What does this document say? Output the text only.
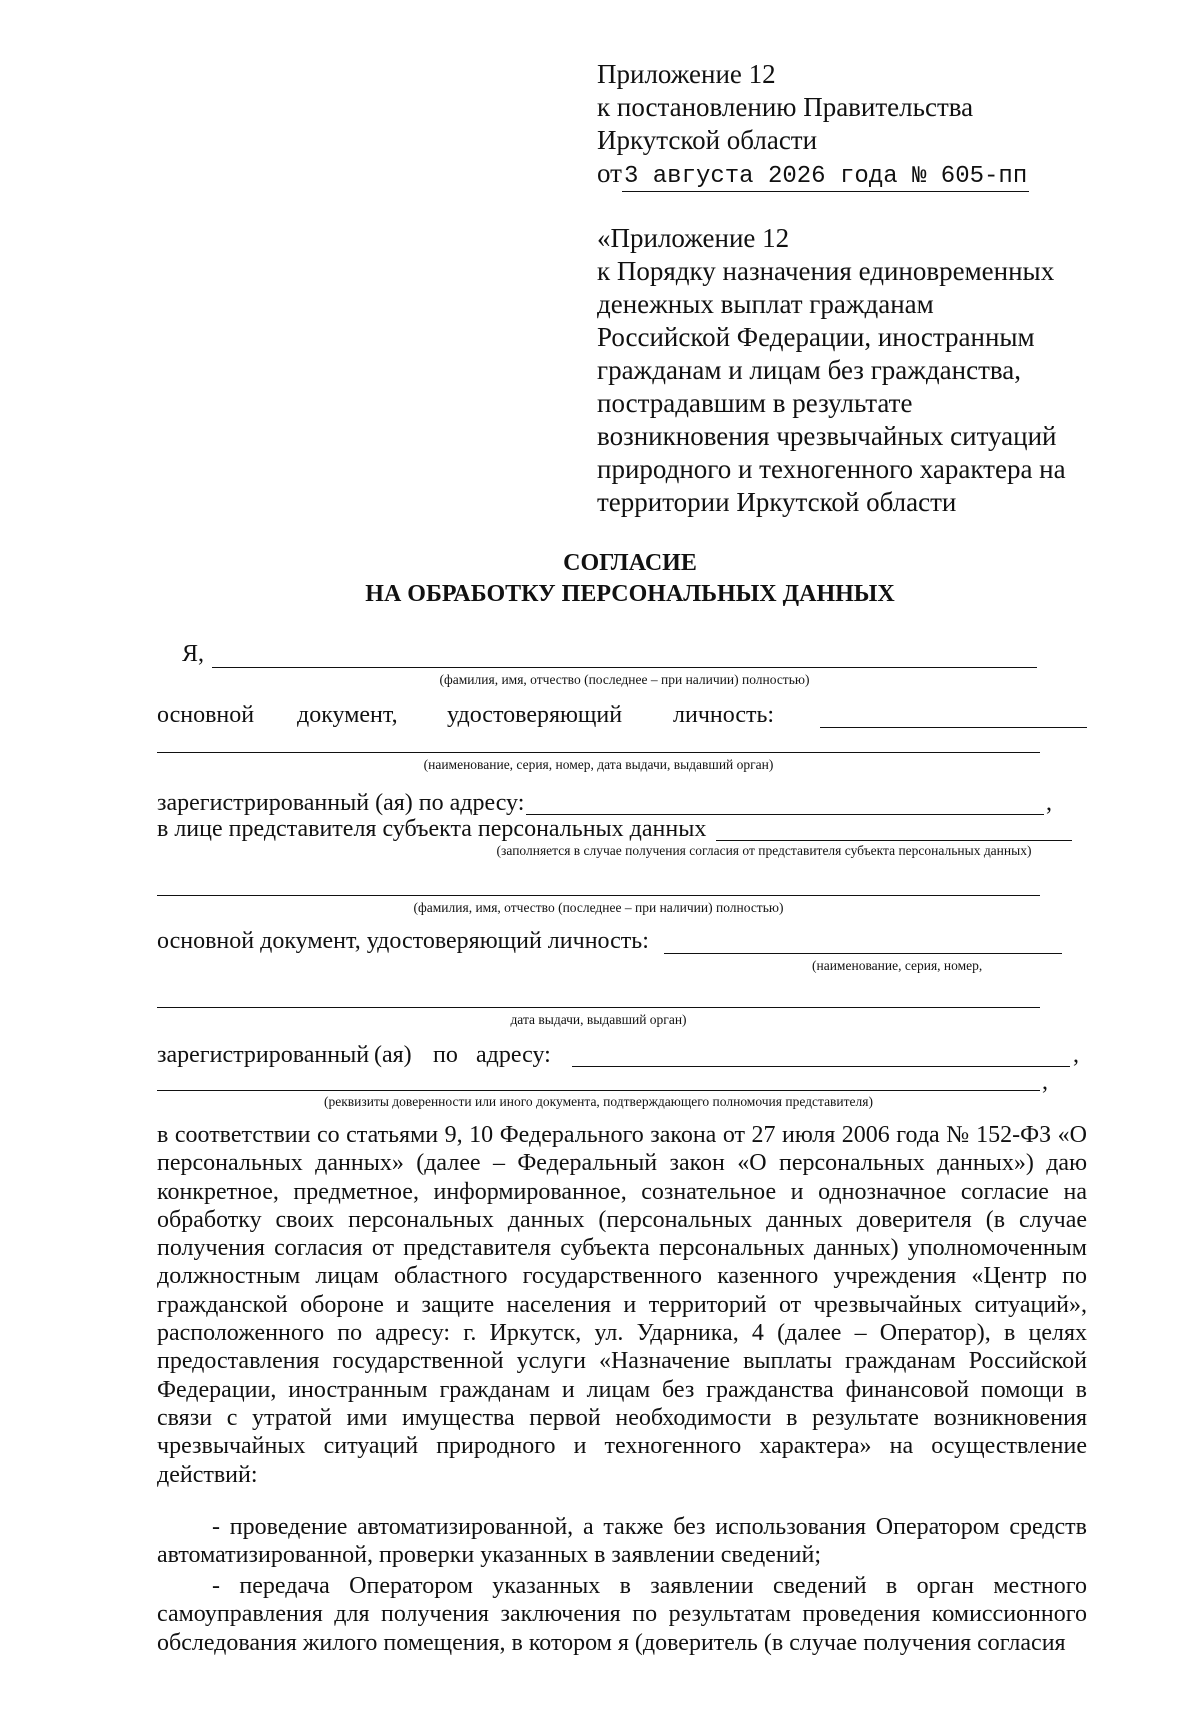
Приложение 12
к постановлению Правительства
Иркутской области
от3 августа 2026 года № 605-пп
«Приложение 12
к Порядку назначения единовременных
денежных выплат гражданам
Российской Федерации, иностранным
гражданам и лицам без гражданства,
пострадавшим в результате
возникновения чрезвычайных ситуаций
природного и техногенного характера на
территории Иркутской области
СОГЛАСИЕ
НА ОБРАБОТКУ ПЕРСОНАЛЬНЫХ ДАННЫХ
Я,
(фамилия, имя, отчество (последнее – при наличии) полностью)
основной документ, удостоверяющий личность:
(наименование, серия, номер, дата выдачи, выдавший орган)
зарегистрированный (ая) по адресу:	,
в лице представителя субъекта персональных данных
(заполняется в случае получения согласия от представителя субъекта персональных данных)
(фамилия, имя, отчество (последнее – при наличии) полностью)
основной документ, удостоверяющий личность:
(наименование, серия, номер,
дата выдачи, выдавший орган)
зарегистрированный (ая) по адресу:	,
,
(реквизиты доверенности или иного документа, подтверждающего полномочия представителя)
в соответствии со статьями 9, 10 Федерального закона от 27 июля 2006 года № 152-ФЗ «О персональных данных» (далее – Федеральный закон «О персональных данных») даю конкретное, предметное, информированное, сознательное и однозначное согласие на обработку своих персональных данных (персональных данных доверителя (в случае получения согласия от представителя субъекта персональных данных) уполномоченным должностным лицам областного государственного казенного учреждения «Центр по гражданской обороне и защите населения и территорий от чрезвычайных ситуаций», расположенного по адресу: г. Иркутск, ул. Ударника, 4 (далее – Оператор), в целях предоставления государственной услуги «Назначение выплаты гражданам Российской Федерации, иностранным гражданам и лицам без гражданства финансовой помощи в связи с утратой ими имущества первой необходимости в результате возникновения чрезвычайных ситуаций природного и техногенного характера» на осуществление действий:
- проведение автоматизированной, а также без использования Оператором средств автоматизированной, проверки указанных в заявлении сведений;
- передача Оператором указанных в заявлении сведений в орган местного самоуправления для получения заключения по результатам проведения комиссионного обследования жилого помещения, в котором я (доверитель (в случае получения согласия
